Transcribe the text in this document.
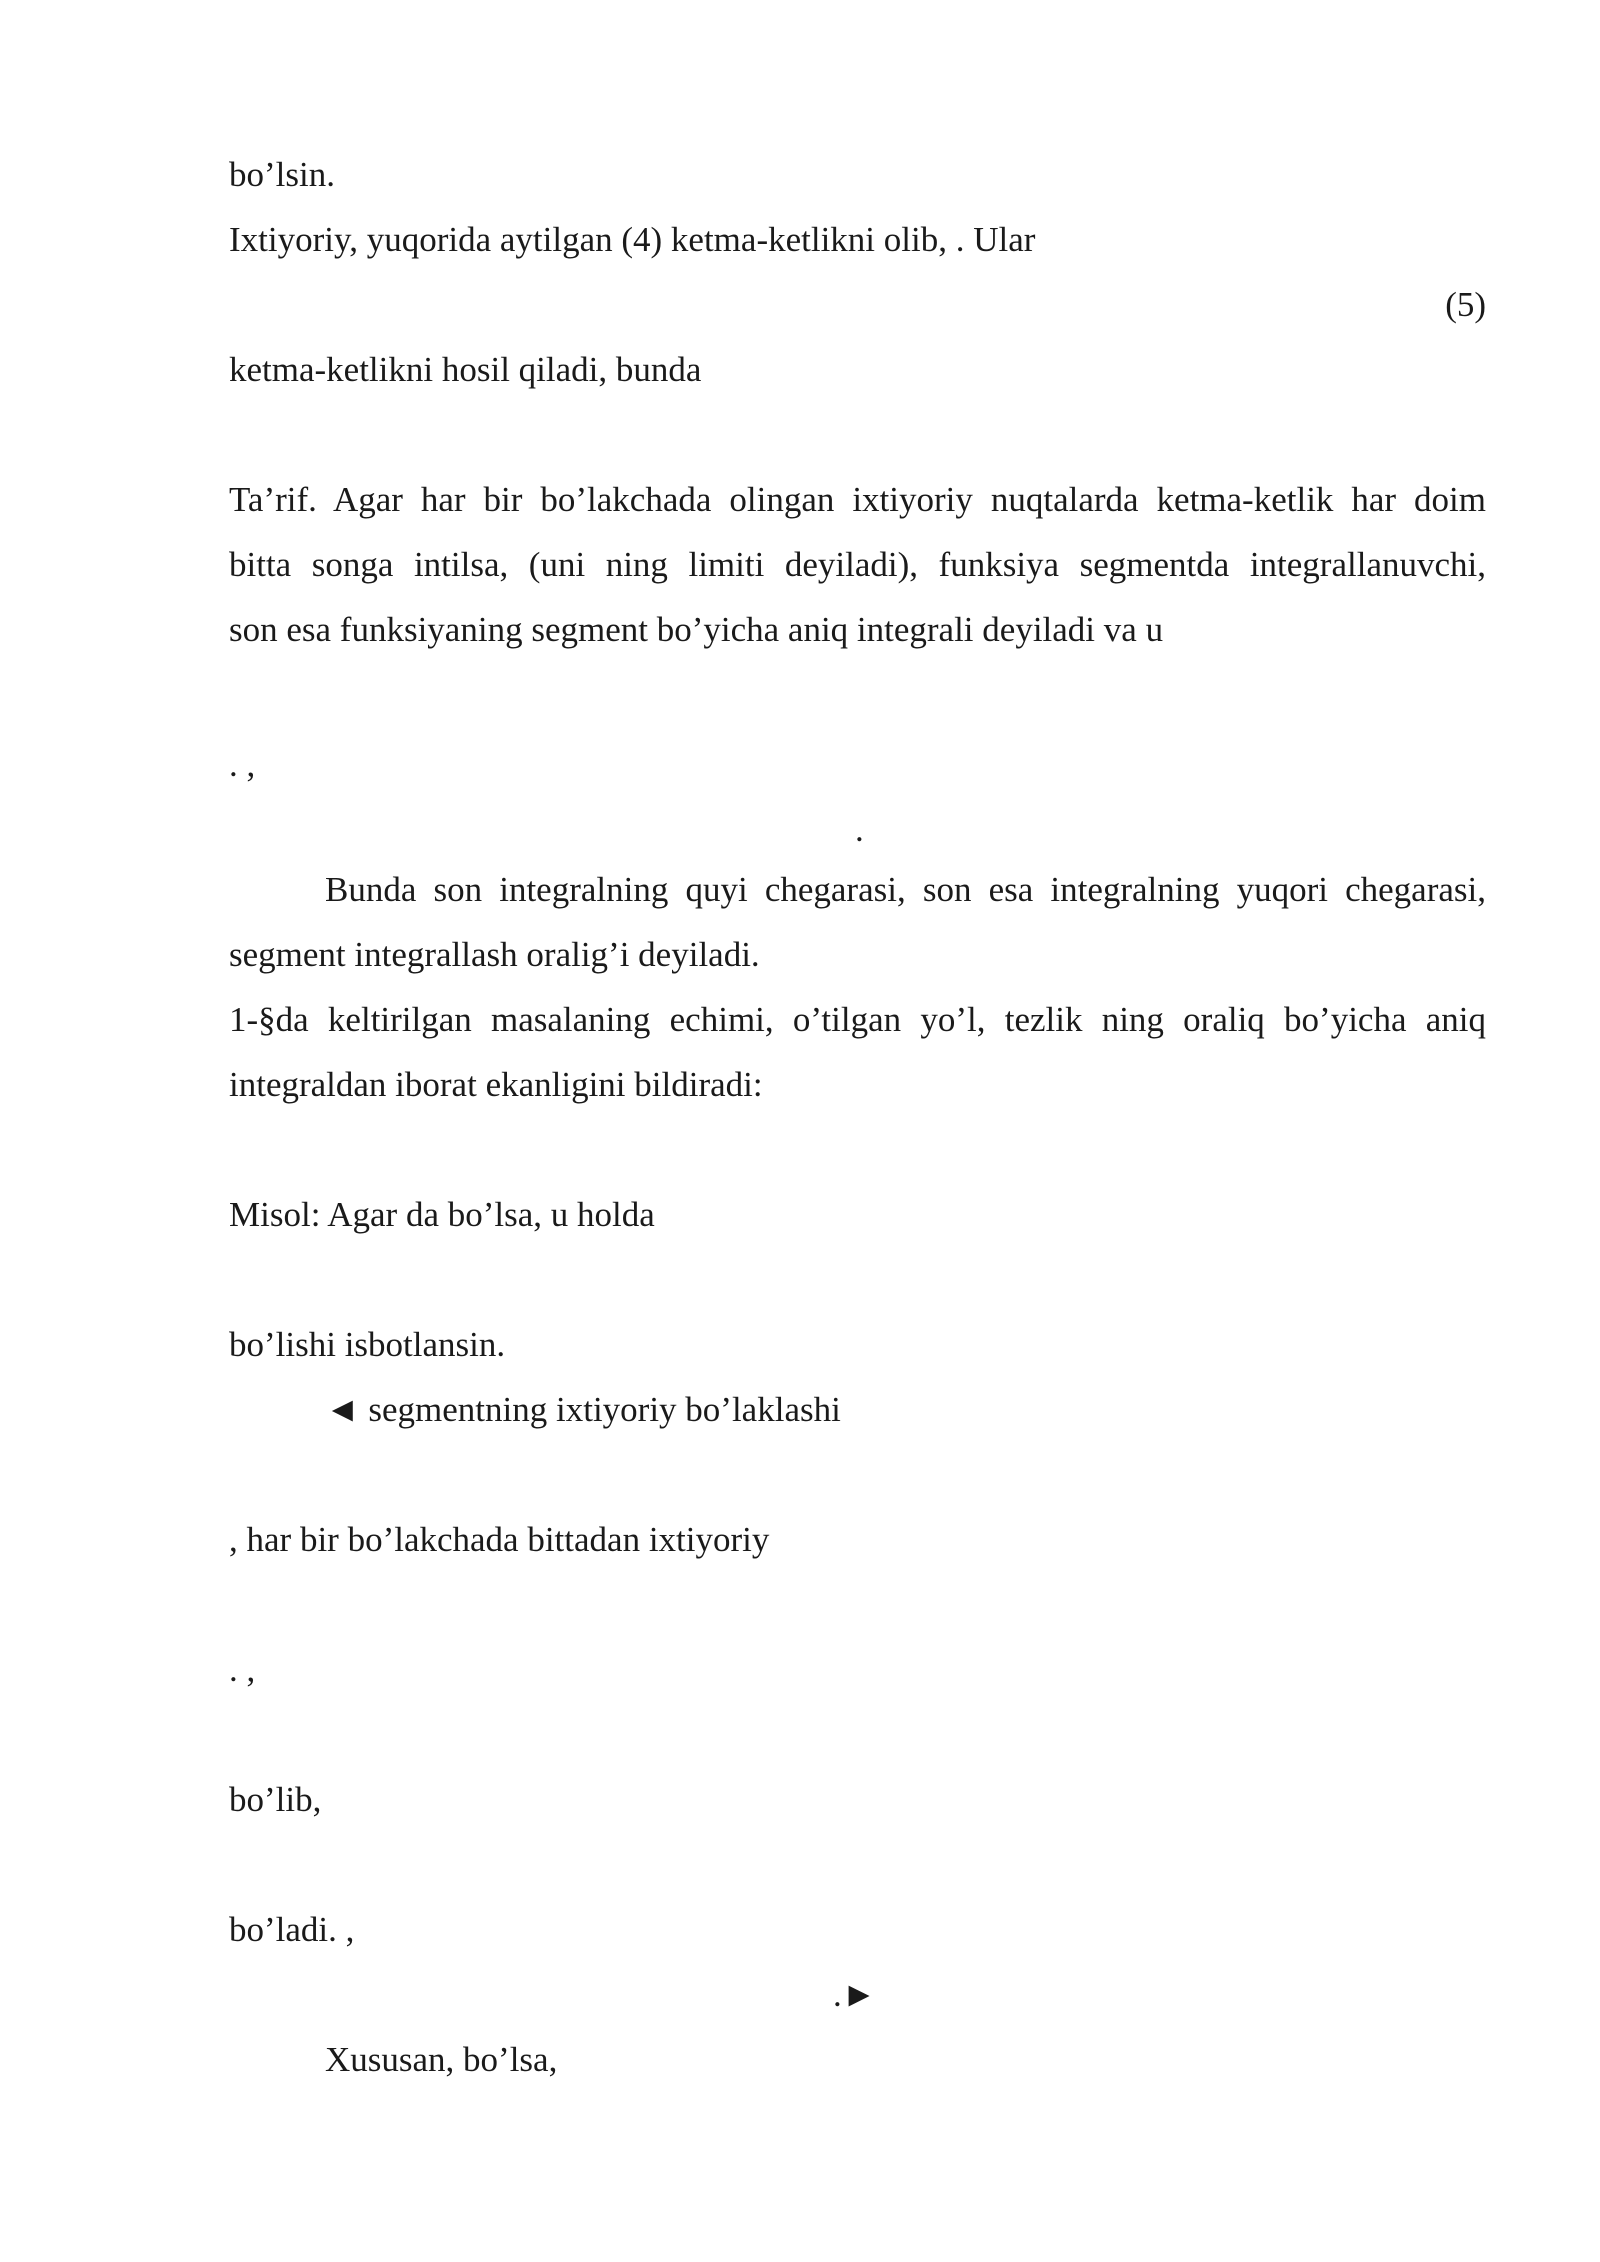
bo’lsin.
Ixtiyoriy, yuqorida aytilgan (4) ketma-ketlikni olib, . Ular
(5)
ketma-ketlikni hosil qiladi, bunda
Ta’rif. Agar har bir bo’lakchada olingan ixtiyoriy nuqtalarda ketma-ketlik har doim
bitta songa intilsa, (uni ning limiti deyiladi), funksiya segmentda integrallanuvchi,
son esa funksiyaning segment bo’yicha aniq integrali deyiladi va u
. ,
.
Bunda son integralning quyi chegarasi, son esa integralning yuqori chegarasi,
segment integrallash oralig’i deyiladi.
1-§da keltirilgan masalaning echimi, o’tilgan yo’l, tezlik ning oraliq bo’yicha aniq
integraldan iborat ekanligini bildiradi:
Misol: Agar da bo’lsa, u holda
bo’lishi isbotlansin.
◄ segmentning ixtiyoriy bo’laklashi
, har bir bo’lakchada bittadan ixtiyoriy
. ,
bo’lib,
bo’ladi. ,
.►
Xususan, bo’lsa,
